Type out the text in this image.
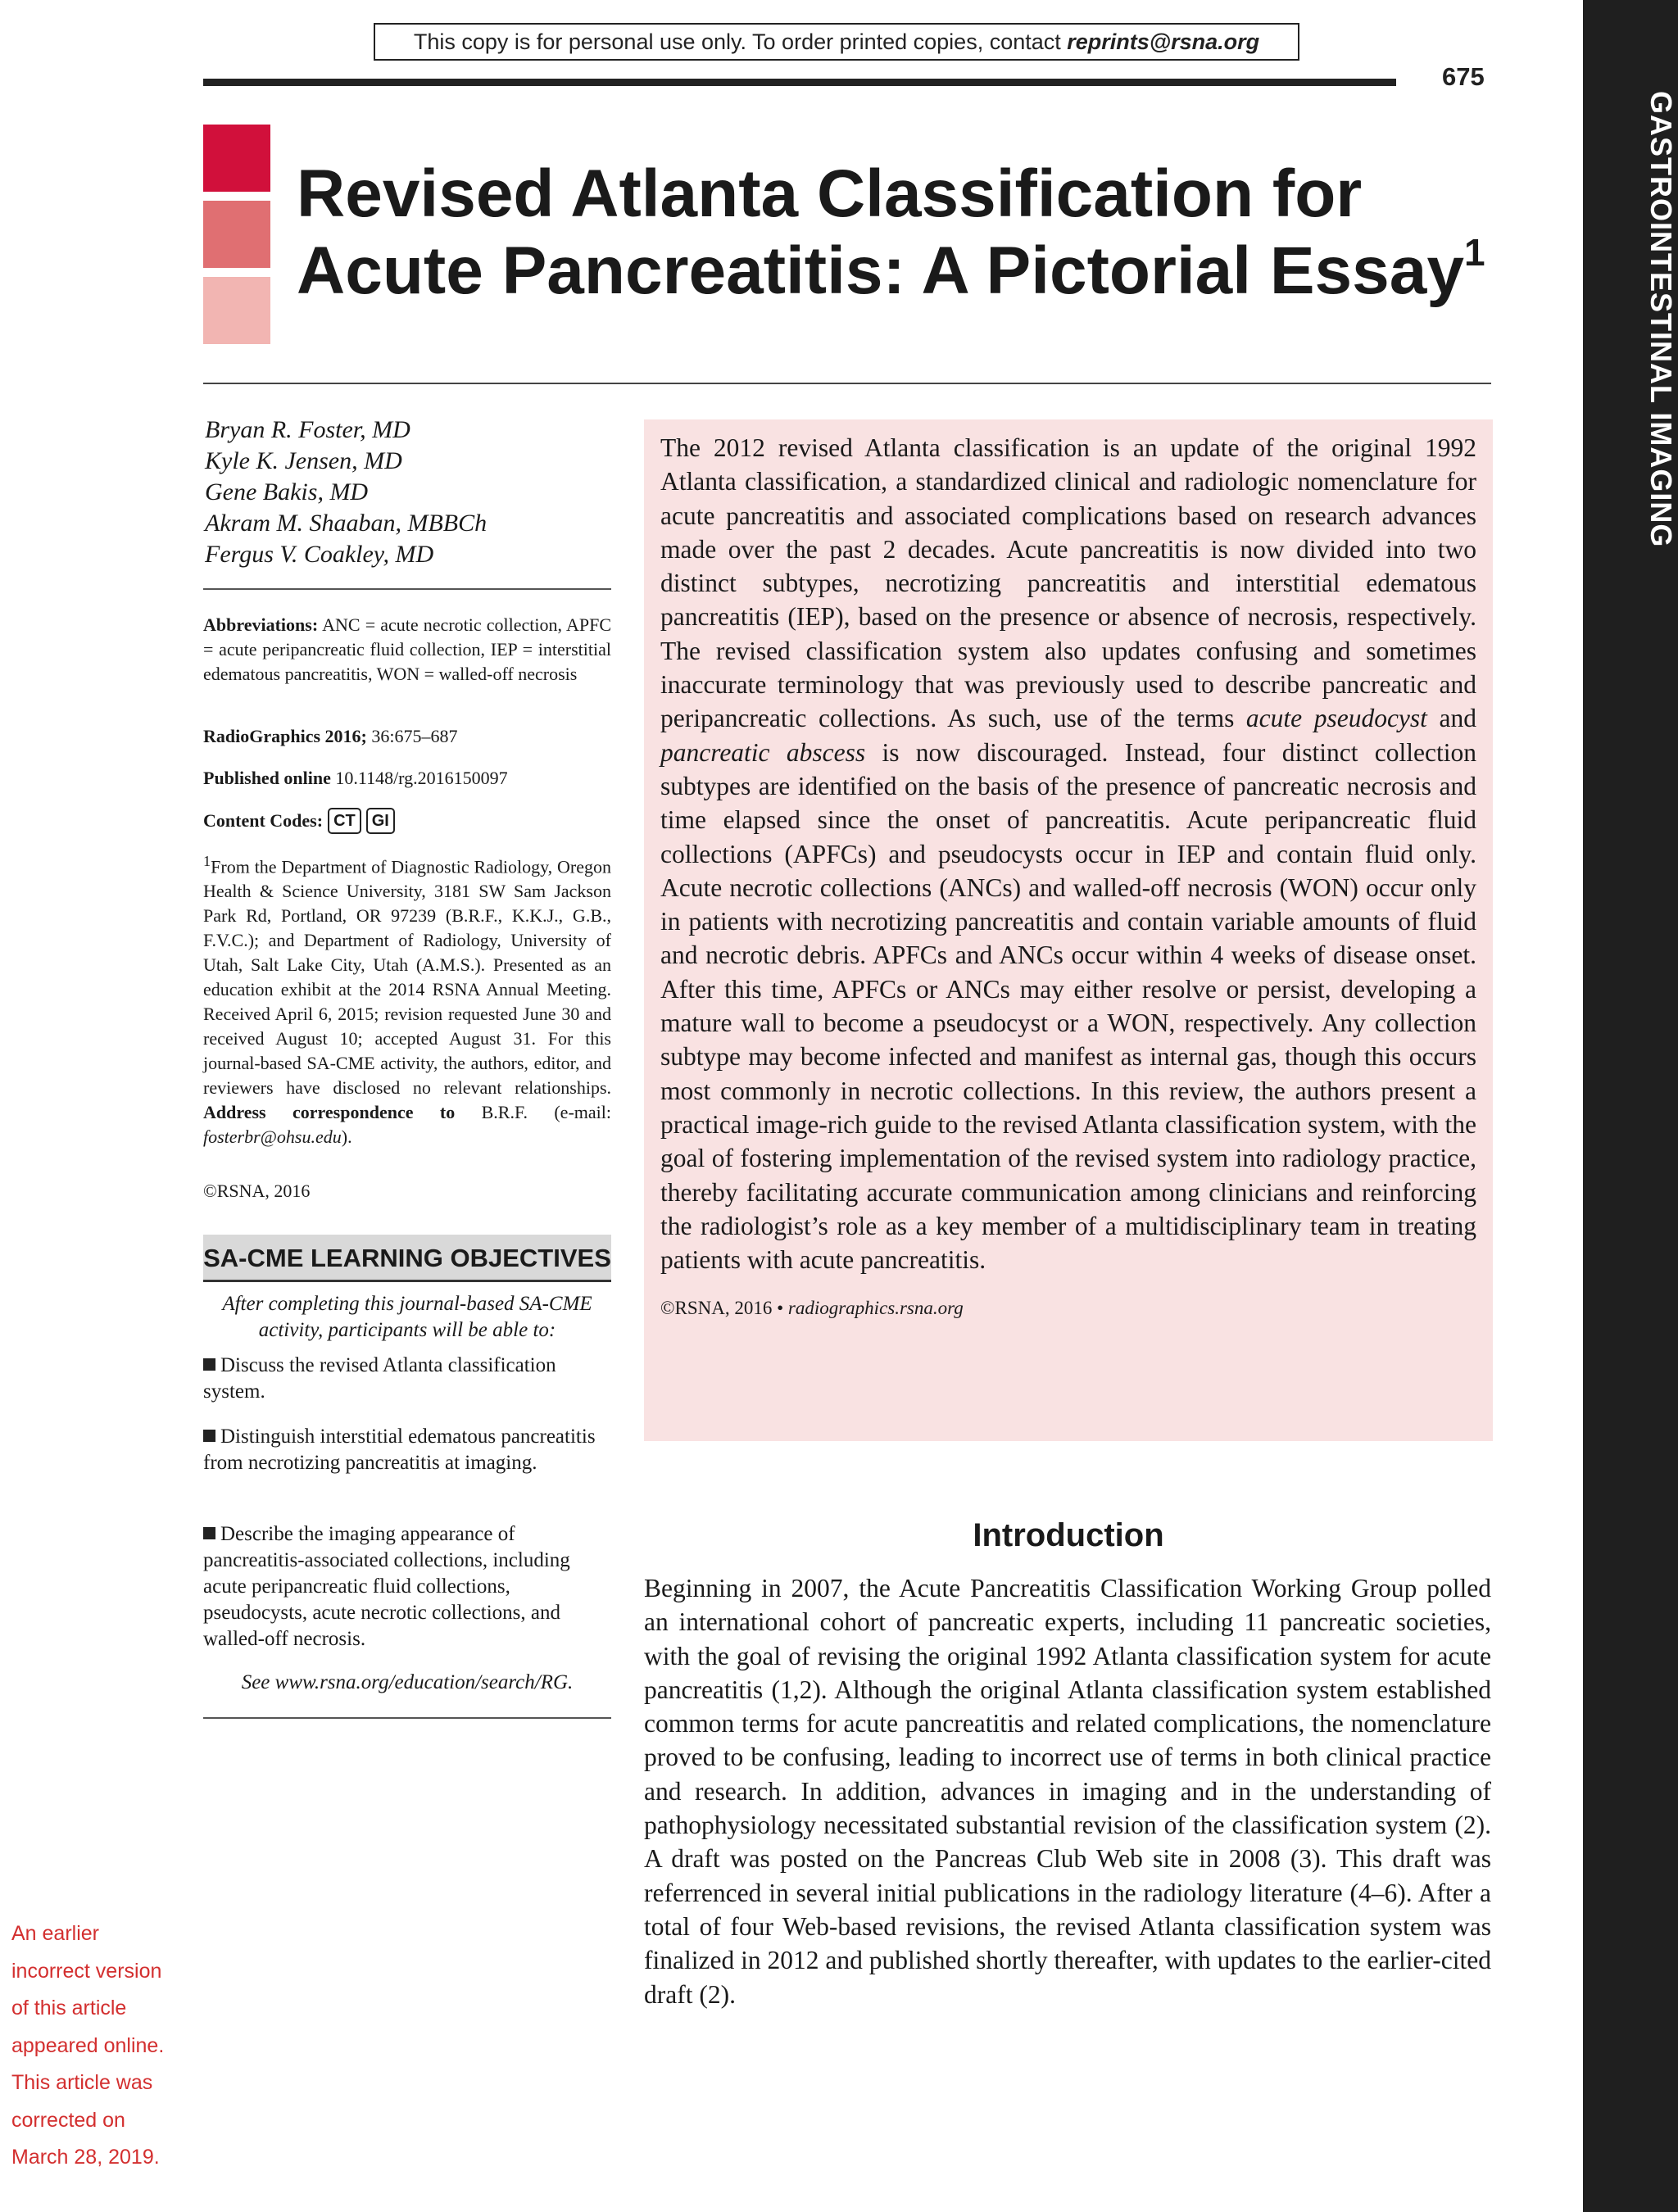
This copy is for personal use only. To order printed copies, contact reprints@rsna.org
675
GASTROINTESTINAL IMAGING
Revised Atlanta Classification for Acute Pancreatitis: A Pictorial Essay$^1$
Bryan R. Foster, MD
Kyle K. Jensen, MD
Gene Bakis, MD
Akram M. Shaaban, MBBCh
Fergus V. Coakley, MD
Abbreviations: ANC = acute necrotic collection, APFC = acute peripancreatic fluid collection, IEP = interstitial edematous pancreatitis, WON = walled-off necrosis
RadioGraphics 2016; 36:675–687
Published online 10.1148/rg.2016150097
Content Codes: CT	GI
$^1$From the Department of Diagnostic Radiology, Oregon Health & Science University, 3181 SW Sam Jackson Park Rd, Portland, OR 97239 (B.R.F., K.K.J., G.B., F.V.C.); and Department of Radiology, University of Utah, Salt Lake City, Utah (A.M.S.). Presented as an education exhibit at the 2014 RSNA Annual Meeting. Received April 6, 2015; revision requested June 30 and received August 10; accepted August 31. For this journal-based SA-CME activity, the authors, editor, and reviewers have disclosed no relevant relationships. Address correspondence to B.R.F. (e-mail: fosterbr@ohsu.edu).
©RSNA, 2016
SA-CME LEARNING OBJECTIVES
After completing this journal-based SA-CME activity, participants will be able to:
Discuss the revised Atlanta classification system.
Distinguish interstitial edematous pancreatitis from necrotizing pancreatitis at imaging.
Describe the imaging appearance of pancreatitis-associated collections, including acute peripancreatic fluid collections, pseudocysts, acute necrotic collections, and walled-off necrosis.
See www.rsna.org/education/search/RG.
The 2012 revised Atlanta classification is an update of the original 1992 Atlanta classification, a standardized clinical and radiologic nomenclature for acute pancreatitis and associated complications based on research advances made over the past 2 decades. Acute pancreatitis is now divided into two distinct subtypes, necrotizing pancreatitis and interstitial edematous pancreatitis (IEP), based on the presence or absence of necrosis, respectively. The revised classification system also updates confusing and sometimes inaccurate terminology that was previously used to describe pancreatic and peripancreatic collections. As such, use of the terms acute pseudocyst and pancreatic abscess is now discouraged. Instead, four distinct collection subtypes are identified on the basis of the presence of pancreatic necrosis and time elapsed since the onset of pancreatitis. Acute peripancreatic fluid collections (APFCs) and pseudocysts occur in IEP and contain fluid only. Acute necrotic collections (ANCs) and walled-off necrosis (WON) occur only in patients with necrotizing pancreatitis and contain variable amounts of fluid and necrotic debris. APFCs and ANCs occur within 4 weeks of disease onset. After this time, APFCs or ANCs may either resolve or persist, developing a mature wall to become a pseudocyst or a WON, respectively. Any collection subtype may become infected and manifest as internal gas, though this occurs most commonly in necrotic collections. In this review, the authors present a practical image-rich guide to the revised Atlanta classification system, with the goal of fostering implementation of the revised system into radiology practice, thereby facilitating accurate communication among clinicians and reinforcing the radiologist’s role as a key member of a multidisciplinary team in treating patients with acute pancreatitis.
©RSNA, 2016 • radiographics.rsna.org
Introduction
Beginning in 2007, the Acute Pancreatitis Classification Working Group polled an international cohort of pancreatic experts, including 11 pancreatic societies, with the goal of revising the original 1992 Atlanta classification system for acute pancreatitis (1,2). Although the original Atlanta classification system established common terms for acute pancreatitis and related complications, the nomenclature proved to be confusing, leading to incorrect use of terms in both clinical practice and research. In addition, advances in imaging and in the understanding of pathophysiology necessitated substantial revision of the classification system (2). A draft was posted on the Pancreas Club Web site in 2008 (3). This draft was referrenced in several initial publications in the radiology literature (4–6). After a total of four Web-based revisions, the revised Atlanta classification system was finalized in 2012 and published shortly thereafter, with updates to the earlier-cited draft (2).
An earlier
incorrect version
of this article
appeared online.
This article was
corrected on
March 28, 2019.
